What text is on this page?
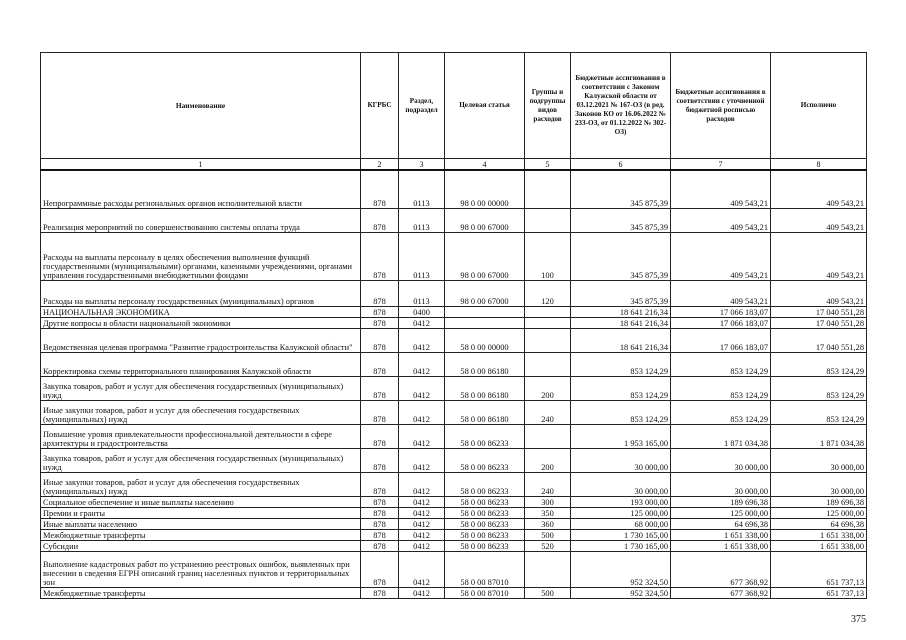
Наименование	КГРБС	Раздел, подраздел	Целевая статья	Группы и подгруппы видов расходов	Бюджетные ассигнования в соответствии с Законом Калужской области от 03.12.2021 № 167-ОЗ (в ред. Законов КО от 16.06.2022 № 233-ОЗ, от 01.12.2022 № 302-ОЗ)	Бюджетные ассигнования в соответствии с уточненной бюджетной росписью расходов	Исполнено
1	2	3	4	5	6	7	8
Непрограммные расходы региональных органов исполнительной власти	878	0113	98 0 00 00000		345 875,39	409 543,21	409 543,21
Реализация мероприятий по совершенствованию системы оплаты труда	878	0113	98 0 00 67000		345 875,39	409 543,21	409 543,21
Расходы на выплаты персоналу в целях обеспечения выполнения функций государственными (муниципальными) органами, казенными учреждениями, органами управления государственными внебюджетными фондами	878	0113	98 0 00 67000	100	345 875,39	409 543,21	409 543,21
Расходы на выплаты персоналу государственных (муниципальных) органов	878	0113	98 0 00 67000	120	345 875,39	409 543,21	409 543,21
НАЦИОНАЛЬНАЯ ЭКОНОМИКА	878	0400			18 641 216,34	17 066 183,07	17 040 551,28
Другие вопросы в области национальной экономики	878	0412			18 641 216,34	17 066 183,07	17 040 551,28
Ведомственная целевая программа "Развитие градостроительства Калужской области"	878	0412	58 0 00 00000		18 641 216,34	17 066 183,07	17 040 551,28
Корректировка схемы территориального планирования Калужской области	878	0412	58 0 00 86180		853 124,29	853 124,29	853 124,29
Закупка товаров, работ и услуг для обеспечения государственных (муниципальных) нужд	878	0412	58 0 00 86180	200	853 124,29	853 124,29	853 124,29
Иные закупки товаров, работ и услуг для обеспечения государственных (муниципальных) нужд	878	0412	58 0 00 86180	240	853 124,29	853 124,29	853 124,29
Повышение уровня привлекательности профессиональной деятельности в сфере архитектуры и градостроительства	878	0412	58 0 00 86233		1 953 165,00	1 871 034,38	1 871 034,38
Закупка товаров, работ и услуг для обеспечения государственных (муниципальных) нужд	878	0412	58 0 00 86233	200	30 000,00	30 000,00	30 000,00
Иные закупки товаров, работ и услуг для обеспечения государственных (муниципальных) нужд	878	0412	58 0 00 86233	240	30 000,00	30 000,00	30 000,00
Социальное обеспечение и иные выплаты населению	878	0412	58 0 00 86233	300	193 000,00	189 696,38	189 696,38
Премии и гранты	878	0412	58 0 00 86233	350	125 000,00	125 000,00	125 000,00
Иные выплаты населению	878	0412	58 0 00 86233	360	68 000,00	64 696,38	64 696,38
Межбюджетные трансферты	878	0412	58 0 00 86233	500	1 730 165,00	1 651 338,00	1 651 338,00
Субсидии	878	0412	58 0 00 86233	520	1 730 165,00	1 651 338,00	1 651 338,00
Выполнение кадастровых работ по устранению реестровых ошибок, выявленных при внесении в сведения ЕГРН описаний границ населенных пунктов и территориальных зон	878	0412	58 0 00 87010		952 324,50	677 368,92	651 737,13
Межбюджетные трансферты	878	0412	58 0 00 87010	500	952 324,50	677 368,92	651 737,13
375
